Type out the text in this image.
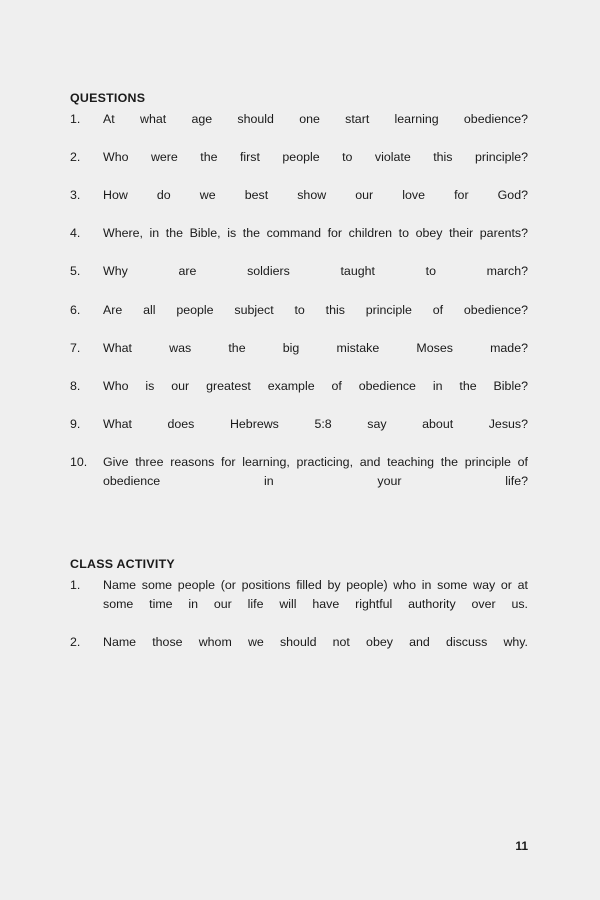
QUESTIONS
1.	At what age should one start learning obedience?
2.	Who were the first people to violate this principle?
3.	How do we best show our love for God?
4.	Where, in the Bible, is the command for children to obey their parents?
5.	Why are soldiers taught to march?
6.	Are all people subject to this principle of obedience?
7.	What was the big mistake Moses made?
8.	Who is our greatest example of obedience in the Bible?
9.	What does Hebrews 5:8 say about Jesus?
10.	Give three reasons for learning, practicing, and teaching the principle of obedience in your life?
CLASS ACTIVITY
1.	Name some people (or positions filled by people) who in some way or at some time in our life will have rightful authority over us.
2.	Name those whom we should not obey and discuss why.
11
